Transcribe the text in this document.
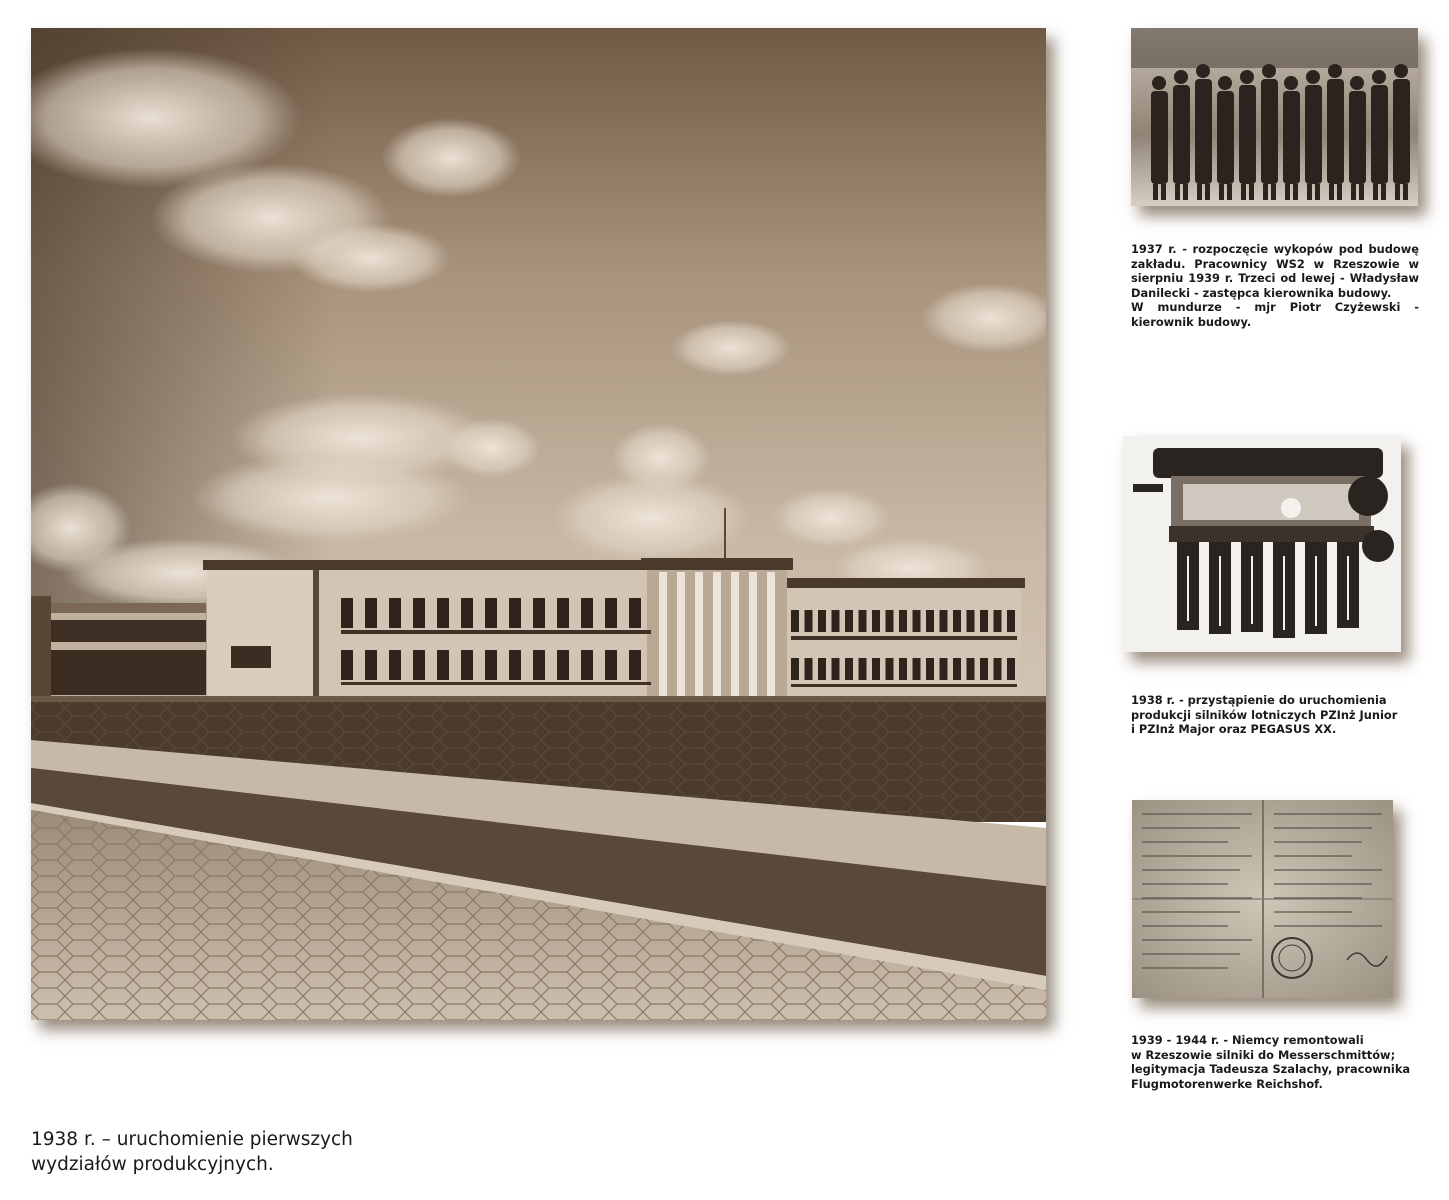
1937 r. - rozpoczęcie wykopów pod budowę zakładu. Pracownicy WS2 w Rzeszowie w sierpniu 1939 r. Trzeci od lewej - Władysław Danilecki - zastępca kierownika budowy.
W mundurze - mjr Piotr Czyżewski - kierownik budowy.
1938 r. - przystąpienie do uruchomienia produkcji silników lotniczych PZInż Junior
i PZInż Major oraz PEGASUS XX.
1939 - 1944 r. - Niemcy remontowali
w Rzeszowie silniki do Messerschmittów;
legitymacja Tadeusza Szalachy, pracownika Flugmotorenwerke Reichshof.
1938 r. – uruchomienie pierwszych
wydziałów produkcyjnych.
